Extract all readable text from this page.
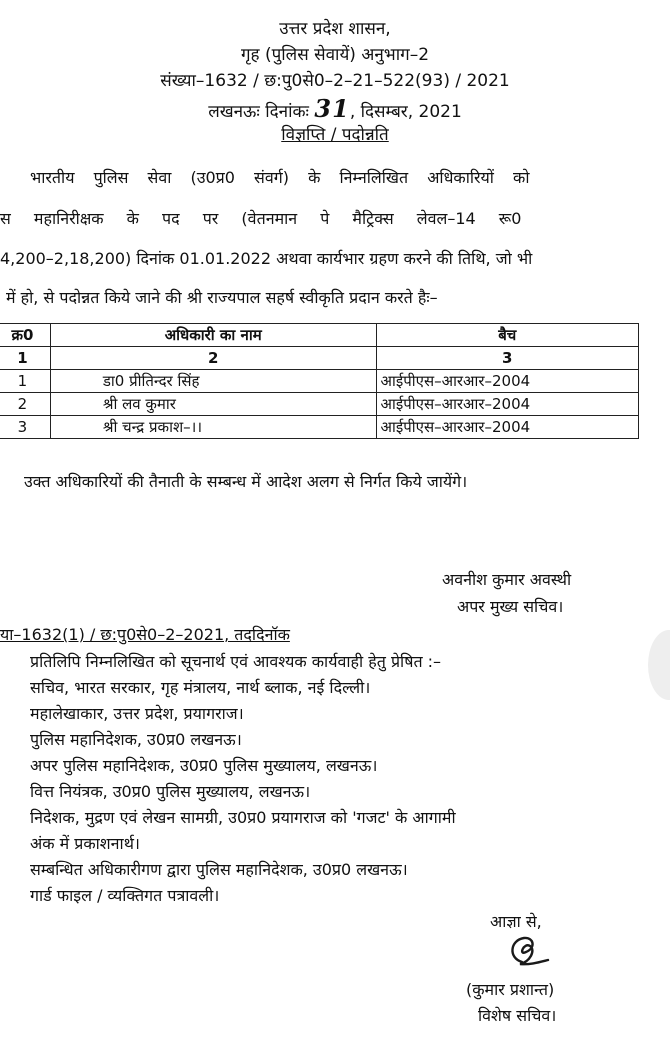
उत्तर प्रदेश शासन,
गृह (पुलिस सेवायें) अनुभाग–2
संख्या–1632 / छ:पु0से0–2–21–522(93) / 2021
लखनऊः दिनांकः 31, दिसम्बर, 2021
विज्ञप्ति / पदोन्नति
भारतीय पुलिस सेवा (उ0प्र0 संवर्ग) के निम्नलिखित अधिकारियों को
स महानिरीक्षक के पद पर (वेतनमान पे मैट्रिक्स लेवल–14 रू0
4,200–2,18,200) दिनांक 01.01.2022 अथवा कार्यभार ग्रहण करने की तिथि, जो भी
में हो, से पदोन्नत किये जाने की श्री राज्यपाल सहर्ष स्वीकृति प्रदान करते हैः–
क्र0	अधिकारी का नाम	बैच
1	2	3
1	डा0 प्रीतिन्दर सिंह	आईपीएस–आरआर–2004
2	श्री लव कुमार	आईपीएस–आरआर–2004
3	श्री चन्द्र प्रकाश–।।	आईपीएस–आरआर–2004
उक्त अधिकारियों की तैनाती के सम्बन्ध में आदेश अलग से निर्गत किये जायेंगे।
अवनीश कुमार अवस्थी
अपर मुख्य सचिव।
या–1632(1) / छ:पु0से0–2–2021, तददिनॉक
प्रतिलिपि निम्नलिखित को सूचनार्थ एवं आवश्यक कार्यवाही हेतु प्रेषित :–
सचिव, भारत सरकार, गृह मंत्रालय, नार्थ ब्लाक, नई दिल्ली।
महालेखाकार, उत्तर प्रदेश, प्रयागराज।
पुलिस महानिदेशक, उ0प्र0 लखनऊ।
अपर पुलिस महानिदेशक, उ0प्र0 पुलिस मुख्यालय, लखनऊ।
वित्त नियंत्रक, उ0प्र0 पुलिस मुख्यालय, लखनऊ।
निदेशक, मुद्रण एवं लेखन सामग्री, उ0प्र0 प्रयागराज को 'गजट' के आगामी
अंक में प्रकाशनार्थ।
सम्बन्धित अधिकारीगण द्वारा पुलिस महानिदेशक, उ0प्र0 लखनऊ।
गार्ड फाइल / व्यक्तिगत पत्रावली।
आज्ञा से,
(कुमार प्रशान्त)
विशेष सचिव।
